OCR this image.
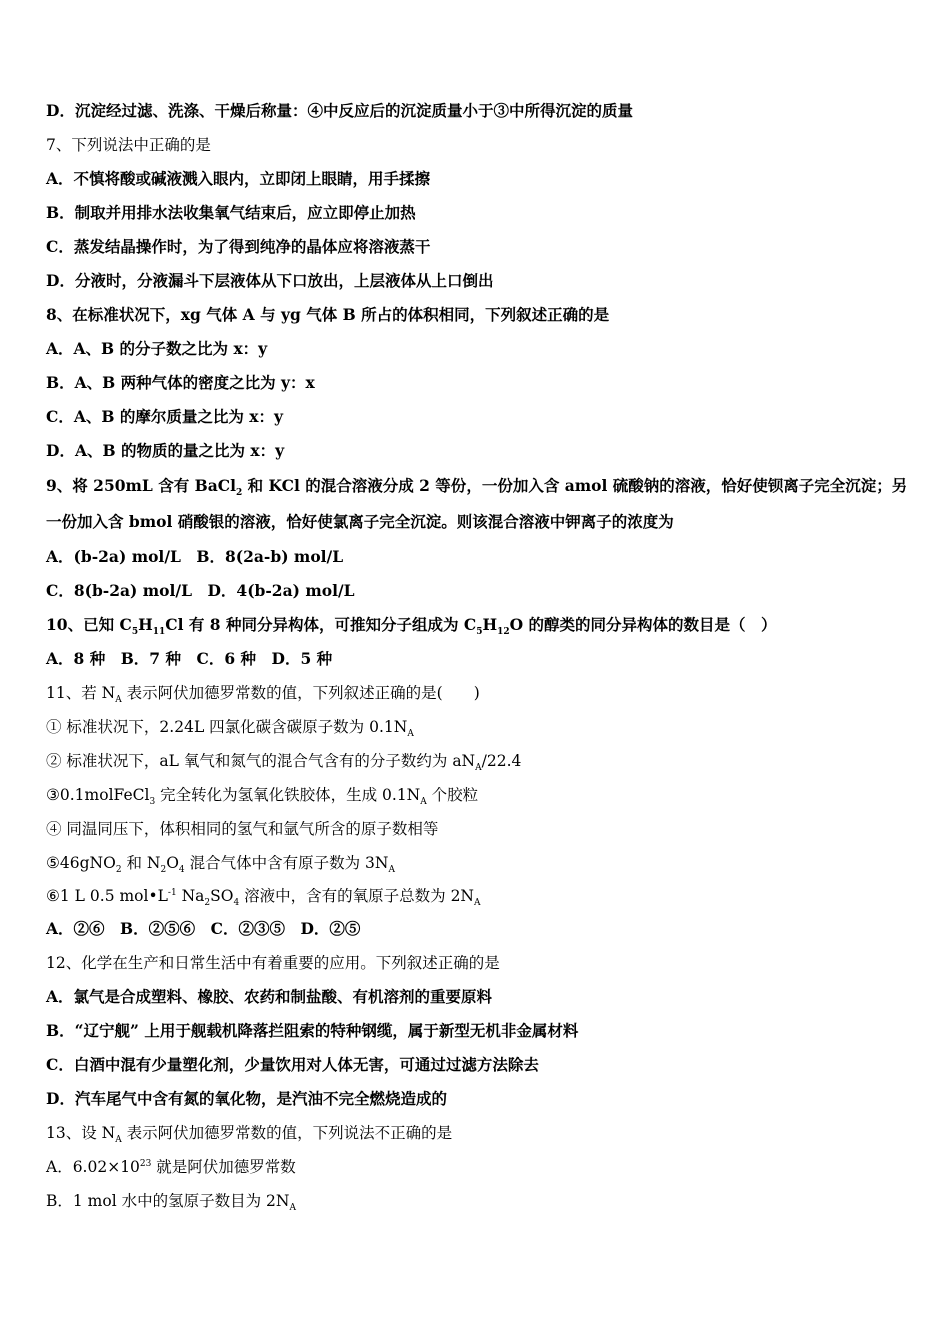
D．沉淀经过滤、洗涤、干燥后称量：④中反应后的沉淀质量小于③中所得沉淀的质量
7、下列说法中正确的是
A．不慎将酸或碱液溅入眼内，立即闭上眼睛，用手揉擦
B．制取并用排水法收集氧气结束后，应立即停止加热
C．蒸发结晶操作时，为了得到纯净的晶体应将溶液蒸干
D．分液时，分液漏斗下层液体从下口放出，上层液体从上口倒出
8、在标准状况下，xg 气体 A 与 yg 气体 B 所占的体积相同，下列叙述正确的是
A．A、B 的分子数之比为 x：y
B．A、B 两种气体的密度之比为 y：x
C．A、B 的摩尔质量之比为 x：y
D．A、B 的物质的量之比为 x：y
9、将 250mL 含有 BaCl$_2$ 和 KCl 的混合溶液分成 2 等份，一份加入含 amol 硫酸钠的溶液，恰好使钡离子完全沉淀；另
一份加入含 bmol 硝酸银的溶液，恰好使氯离子完全沉淀。则该混合溶液中钾离子的浓度为
A．(b-2a) mol/L　B．8(2a-b) mol/L
C．8(b-2a) mol/L　D．4(b-2a) mol/L
10、已知 $C_5H_{11}Cl$ 有 8 种同分异构体，可推知分子组成为 $C_5H_{12}O$ 的醇类的同分异构体的数目是（　）
A．8 种　B．7 种　C．6 种　D．5 种
11、若 $N_A$ 表示阿伏加德罗常数的值，下列叙述正确的是(　　)
① 标准状况下，2.24L 四氯化碳含碳原子数为 $0.1N_A$
② 标准状况下，aL 氧气和氮气的混合气含有的分子数约为 $aN_A/22.4$
③0.1molFeCl$_3$ 完全转化为氢氧化铁胶体，生成 $0.1N_A$ 个胶粒
④ 同温同压下，体积相同的氢气和氩气所含的原子数相等
⑤46gNO$_2$ 和 $N_2O_4$ 混合气体中含有原子数为 $3N_A$
⑥1 L 0.5 $mol•L^{-1}$ $Na_2SO_4$ 溶液中，含有的氧原子总数为 $2N_A$
A．②⑥　B．②⑤⑥　C．②③⑤　D．②⑤
12、化学在生产和日常生活中有着重要的应用。下列叙述正确的是
A．氯气是合成塑料、橡胶、农药和制盐酸、有机溶剂的重要原料
B．“辽宁舰” 上用于舰载机降落拦阻索的特种钢缆，属于新型无机非金属材料
C．白酒中混有少量塑化剂，少量饮用对人体无害，可通过过滤方法除去
D．汽车尾气中含有氮的氧化物，是汽油不完全燃烧造成的
13、设 $N_A$ 表示阿伏加德罗常数的值，下列说法不正确的是
A．$6.02\times 10^{23}$ 就是阿伏加德罗常数
B．1 mol 水中的氢原子数目为 $2N_A$
